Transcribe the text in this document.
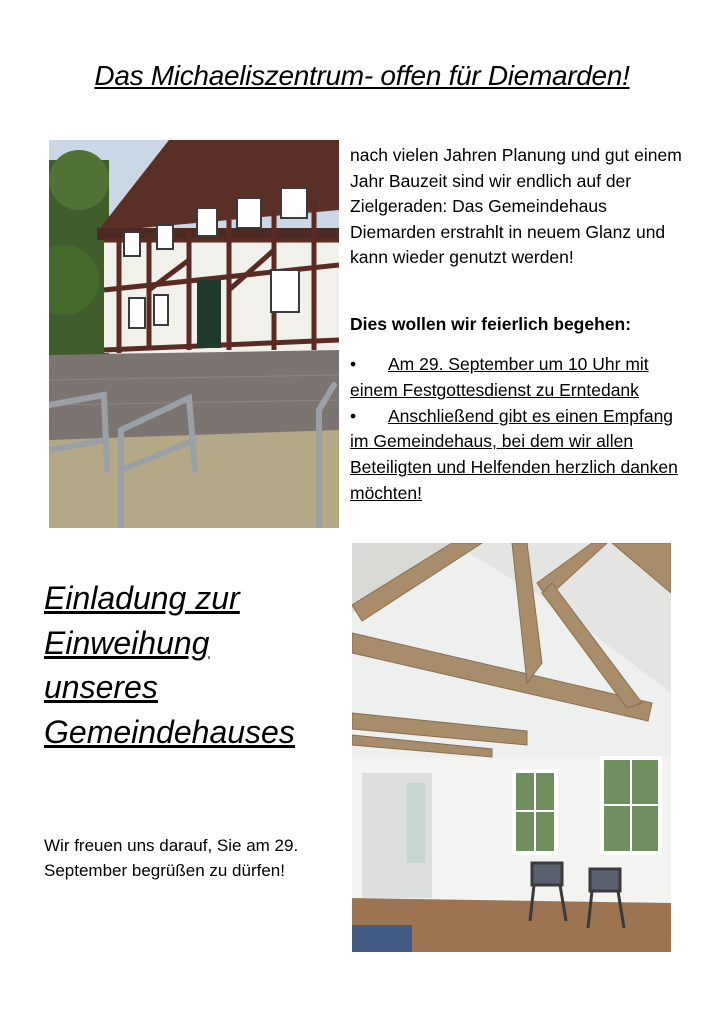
Das Michaeliszentrum- offen für Diemarden!
nach vielen Jahren Planung und gut einem Jahr Bauzeit sind wir endlich auf der Zielgeraden: Das Gemeindehaus Diemarden erstrahlt in neuem Glanz und kann wieder genutzt werden!
Dies wollen wir feierlich begehen:
• Am 29. September um 10 Uhr mit einem Festgottesdienst zu Erntedank
• Anschließend gibt es einen Empfang im Gemeindehaus, bei dem wir allen Beteiligten und Helfenden herzlich danken möchten!
Einladung zur
Einweihung
unseres
Gemeindehauses
Wir freuen uns darauf, Sie am 29. September begrüßen zu dürfen!
